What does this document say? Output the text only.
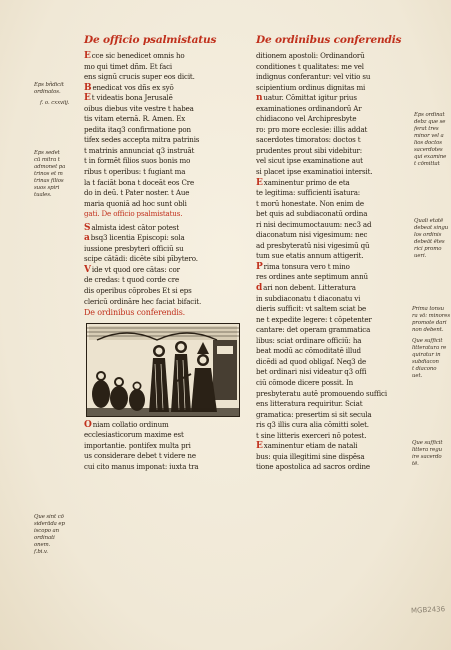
De officio psalmistatus
Ecce sic benedicet omnis ho
mo qui timet dñm. Et faci
ens signū crucis super eos dicit.
Benedicat vos dñs ex syō
Et videatis bona Jerusalē
oibus diebus vite vestre t habea
tis vitam eternā. R. Amen. Ex
pedita itaq3 confirmatione pon
tifex sedes accepta mitra patrinis
t matrinis annunciat q3 instruāt
t in formēt filios suos bonis mo
ribus t operibus: t fugiant ma
la t faciāt bona t doceāt eos Cre
do in deū. t Pater noster. t Aue
maria quoniā ad hoc sunt obli
gati. De officio psalmistatus.
Salmista idest cātor potest
absq3 licentia Episcopi: sola
iussione presbyteri officiū su
scipe cātādi: dicēte sibi pībytero.
Vide vt quod ore cātas: cor
de credas: t quod corde cre
dis operibus cōprobes Et si eps
clericū ordināre hec faciat bifacit.
De ordinibus conferendis.
Oniam collatio ordinum
ecclesiasticorum maxime est
importantie. pontifex multa pri
us considerare debet t videre ne
cui cito manus imponat: iuxta tra
De ordinibus conferendis
ditionem apostoli: Ordinandorū
conditiones t qualitates: me vel
indignus conferantur: vel vitio su
scipientium ordinus dignitas mi
nuatur. Cōmittat igitur prius
examinationes ordinandorū Ar
chidiacono vel Archipresbyte
ro: pro more ecclesie: illis addat
sacerdotes timoratos: doctos t
prudentes prout sibi videbitur:
vel sicut ipse examinatione aut
si placet ipse examinatioi intersit.
Examinentur primo de eta
te legitima: sufficienti īsatura:
t morū honestate. Non enim de
bet quis ad subdiaconatū ordina
ri nisi decimumoctauum: nec3 ad
diaconatum nisi vigesimum: nec
ad presbyteratū nisi vigesimū qū
tum sue etatis annum attigerit.
Prima tonsura vero t mino
res ordines ante septimum annū
dari non debent. Litteratura
in subdiaconatu t diaconatu vi
dieris sufficit: vt saltem sciat be
ne t expedite legere: t cōpetenter
cantare: det operam grammatica
libus: sciat ordinare officiū: ha
beat modū ac cōmoditatē illud
dicēdi ad quod obligaf. Neq3 de
bet ordinari nisi videatur q3 offi
ciū cōmode dicere possit. In
presbyteratu autē promouendo suffici
ens litteratura requiritur. Sciat
gramatica: presertim si sit secula
ris q3 illis cura alia cōmitti solet.
t sine litteris exerceri nō potest.
Examinentur etiam de natali
bus: quia illegitimi sine dispēsa
tione apostolica ad sacros ordine
Eps bñdicit
ordinatos.
f. o. cxxviij.
Eps sedet
cū mitra t
admonet pa
trinos et m
trinas filios
suos spiri
tuales.
Que sint cō
siderāda ep
iscopo an
ordinati
onem.
f.bi.v.
Eps ordinat
debz que se
ferat tres
minor vel a
lios doctos
sacerdotes
qui examine
t cōmittat
Quali etatē
debeat singu
los ordinis
debeāt ētes
rici promo
ueri.
Prima tonsu
ra vō: minores
promote dari
non debent.
Que sufficit
litteratura re
quiratur in
subdiacon
t diacono
uet.
Que sufficit
littera regu
ire sacerdo
tē.
MGB2436
